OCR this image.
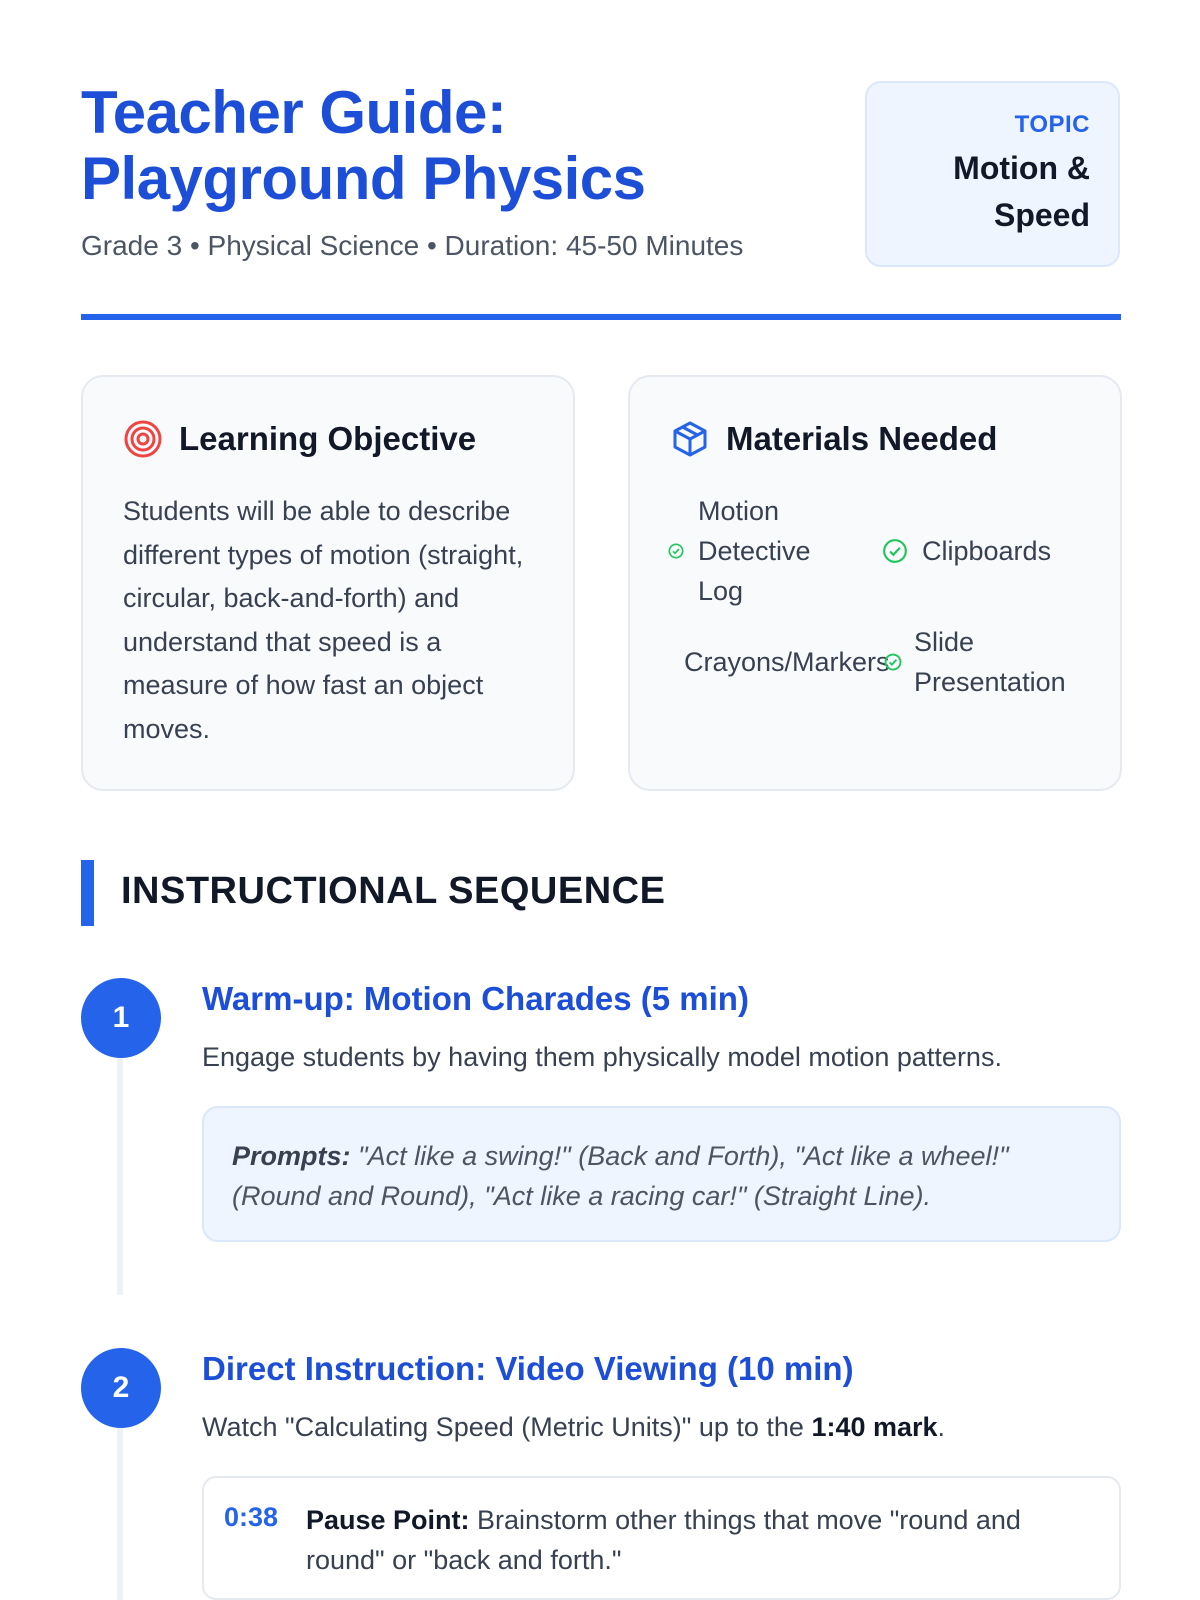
Teacher Guide:
Playground Physics
Grade 3 • Physical Science • Duration: 45-50 Minutes
TOPIC
Motion &
Speed
Learning Objective
Students will be able to describe different types of motion (straight, circular, back-and-forth) and understand that speed is a measure of how fast an object moves.
Materials Needed
Motion
Detective
Log
Clipboards
Crayons/Markers
Slide
Presentation
INSTRUCTIONAL SEQUENCE
1
Warm-up: Motion Charades (5 min)
Engage students by having them physically model motion patterns.
Prompts: "Act like a swing!" (Back and Forth), "Act like a wheel!" (Round and Round), "Act like a racing car!" (Straight Line).
2
Direct Instruction: Video Viewing (10 min)
Watch "Calculating Speed (Metric Units)" up to the 1:40 mark.
0:38 Pause Point: Brainstorm other things that move "round and round" or "back and forth."
